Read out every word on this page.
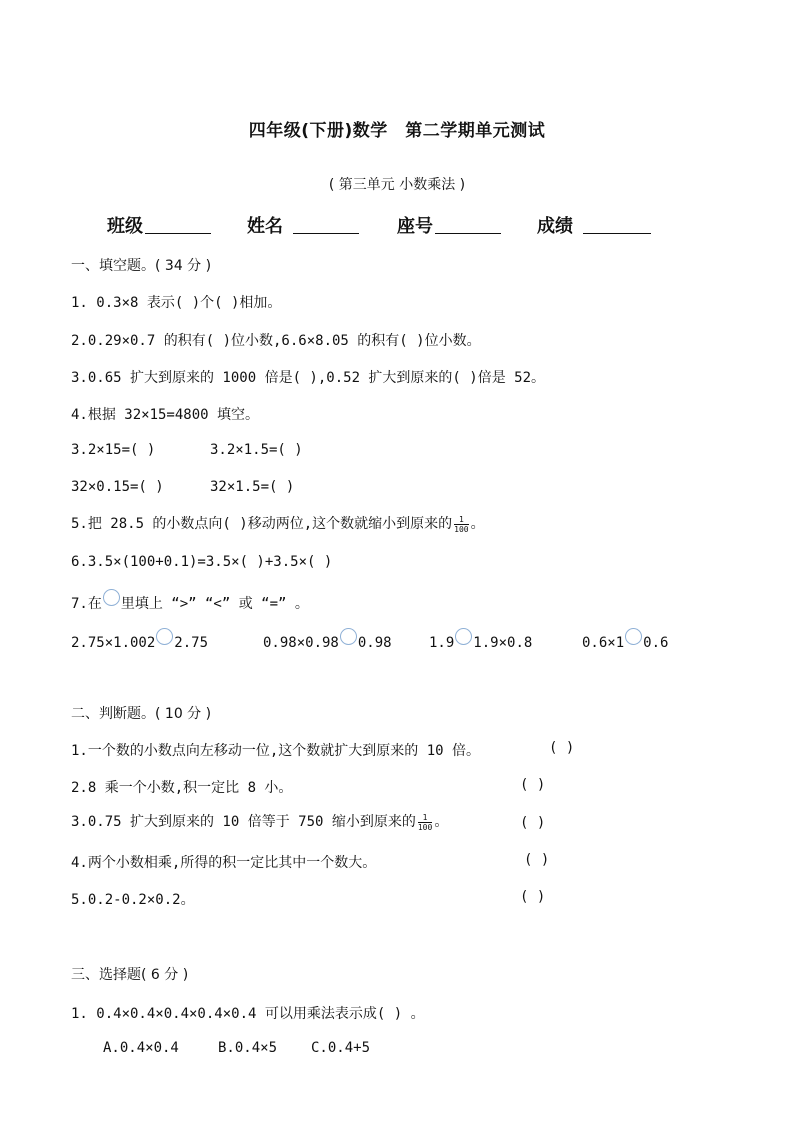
四年级(下册)数学　第二学期单元测试
( 第三单元 小数乘法 )
班级	姓名	座号	成绩
一、填空题。( 34 分 )
1. 0.3×8 表示( )个( )相加。
2.0.29×0.7 的积有( )位小数,6.6×8.05 的积有( )位小数。
3.0.65 扩大到原来的 1000 倍是( ),0.52 扩大到原来的( )倍是 52。
4.根据 32×15=4800 填空。
3.2×15=( )	3.2×1.5=( )
32×0.15=( )	32×1.5=( )
5.把 28.5 的小数点向( )移动两位,这个数就缩小到原来的 $\frac{1}{100}$ 。
6.3.5×(100+0.1)=3.5×( )+3.5×( )
7.在 里填上 “>” “<” 或 “=” 。
2.75×1.002 2.75	0.98×0.98 0.98	1.9 1.9×0.8	0.6×1 0.6
二、判断题。( 10 分 )
1.一个数的小数点向左移动一位,这个数就扩大到原来的 10 倍。	( )
2.8 乘一个小数,积一定比 8 小。	( )
3.0.75 扩大到原来的 10 倍等于 750 缩小到原来的 $\frac{1}{100}$ 。	( )
4.两个小数相乘,所得的积一定比其中一个数大。	( )
5.0.2-0.2×0.2。	( )
三、选择题( 6 分 )
1. 0.4×0.4×0.4×0.4×0.4 可以用乘法表示成( ) 。
A.0.4×0.4	B.0.4×5 C.0.4+5
